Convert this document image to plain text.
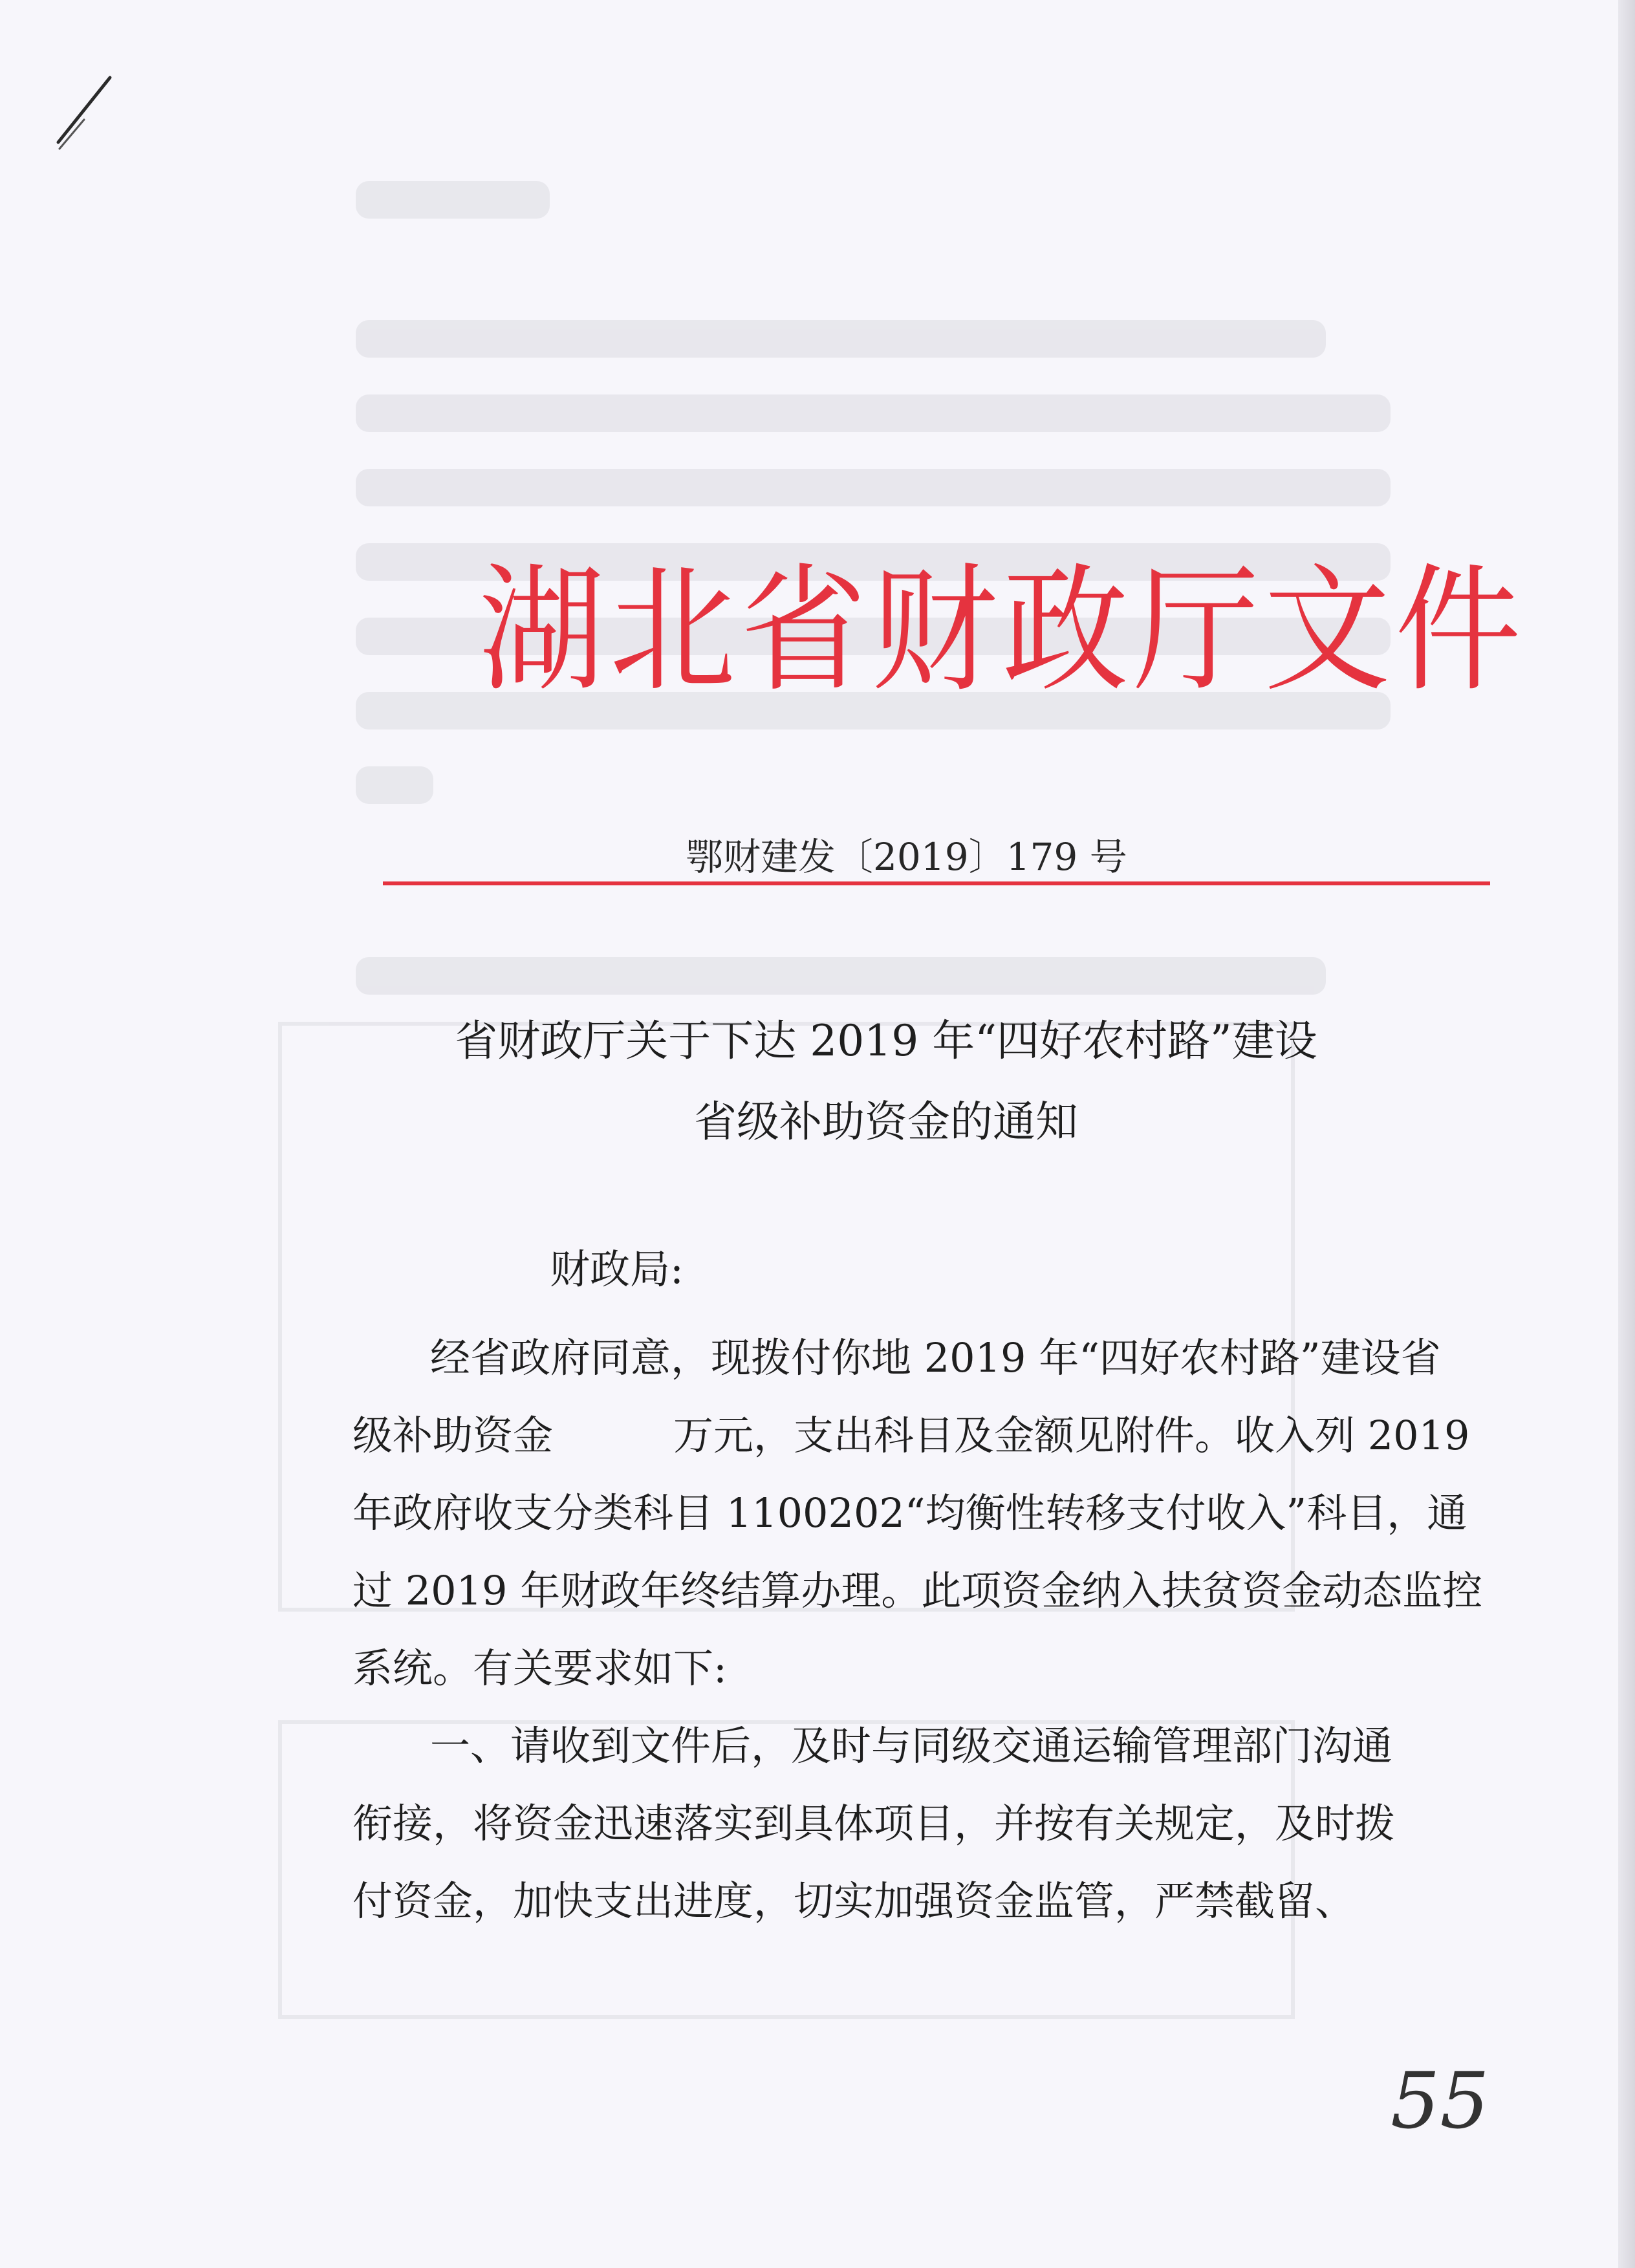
湖北省财政厅文件
鄂财建发〔2019〕179 号
省财政厅关于下达 2019 年“四好农村路”建设
省级补助资金的通知
财政局:
经省政府同意，现拨付你地 2019 年“四好农村路”建设省
级补助资金　　　万元，支出科目及金额见附件。收入列 2019
年政府收支分类科目 1100202“均衡性转移支付收入”科目，通
过 2019 年财政年终结算办理。此项资金纳入扶贫资金动态监控
系统。有关要求如下:
一、请收到文件后，及时与同级交通运输管理部门沟通
衔接，将资金迅速落实到具体项目，并按有关规定，及时拨
付资金，加快支出进度，切实加强资金监管，严禁截留、
55
